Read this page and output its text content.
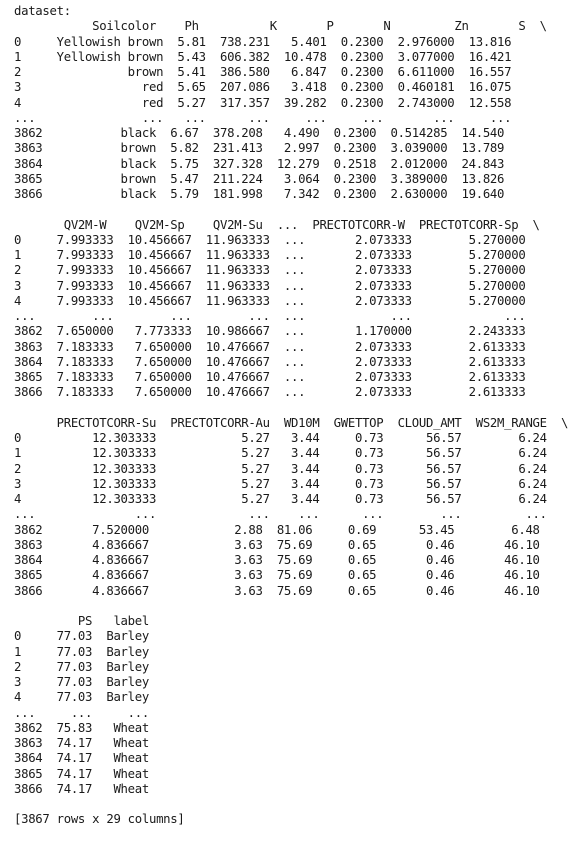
dataset:
Soilcolor    Ph          K       P       N         Zn       S  \
0     Yellowish brown  5.81  738.231   5.401  0.2300  2.976000  13.816
1     Yellowish brown  5.43  606.382  10.478  0.2300  3.077000  16.421
2               brown  5.41  386.580   6.847  0.2300  6.611000  16.557
3                 red  5.65  207.086   3.418  0.2300  0.460181  16.075
4                 red  5.27  317.357  39.282  0.2300  2.743000  12.558
...               ...   ...      ...     ...     ...       ...     ...
3862           black  6.67  378.208   4.490  0.2300  0.514285  14.540
3863           brown  5.82  231.413   2.997  0.2300  3.039000  13.789
3864           black  5.75  327.328  12.279  0.2518  2.012000  24.843
3865           brown  5.47  211.224   3.064  0.2300  3.389000  13.826
3866           black  5.79  181.998   7.342  0.2300  2.630000  19.640
QV2M-W    QV2M-Sp    QV2M-Su  ...  PRECTOTCORR-W  PRECTOTCORR-Sp  \
0     7.993333  10.456667  11.963333  ...       2.073333        5.270000
1     7.993333  10.456667  11.963333  ...       2.073333        5.270000
2     7.993333  10.456667  11.963333  ...       2.073333        5.270000
3     7.993333  10.456667  11.963333  ...       2.073333        5.270000
4     7.993333  10.456667  11.963333  ...       2.073333        5.270000
...        ...        ...        ...  ...            ...             ...
3862  7.650000   7.773333  10.986667  ...       1.170000        2.243333
3863  7.183333   7.650000  10.476667  ...       2.073333        2.613333
3864  7.183333   7.650000  10.476667  ...       2.073333        2.613333
3865  7.183333   7.650000  10.476667  ...       2.073333        2.613333
3866  7.183333   7.650000  10.476667  ...       2.073333        2.613333
PRECTOTCORR-Su  PRECTOTCORR-Au  WD10M  GWETTOP  CLOUD_AMT  WS2M_RANGE  \
0          12.303333            5.27   3.44     0.73      56.57        6.24
1          12.303333            5.27   3.44     0.73      56.57        6.24
2          12.303333            5.27   3.44     0.73      56.57        6.24
3          12.303333            5.27   3.44     0.73      56.57        6.24
4          12.303333            5.27   3.44     0.73      56.57        6.24
...              ...             ...    ...      ...        ...         ...
3862       7.520000            2.88  81.06     0.69      53.45        6.48
3863       4.836667            3.63  75.69     0.65       0.46       46.10
3864       4.836667            3.63  75.69     0.65       0.46       46.10
3865       4.836667            3.63  75.69     0.65       0.46       46.10
3866       4.836667            3.63  75.69     0.65       0.46       46.10
PS   label
0     77.03  Barley
1     77.03  Barley
2     77.03  Barley
3     77.03  Barley
4     77.03  Barley
...     ...     ...
3862  75.83   Wheat
3863  74.17   Wheat
3864  74.17   Wheat
3865  74.17   Wheat
3866  74.17   Wheat
[3867 rows x 29 columns]
